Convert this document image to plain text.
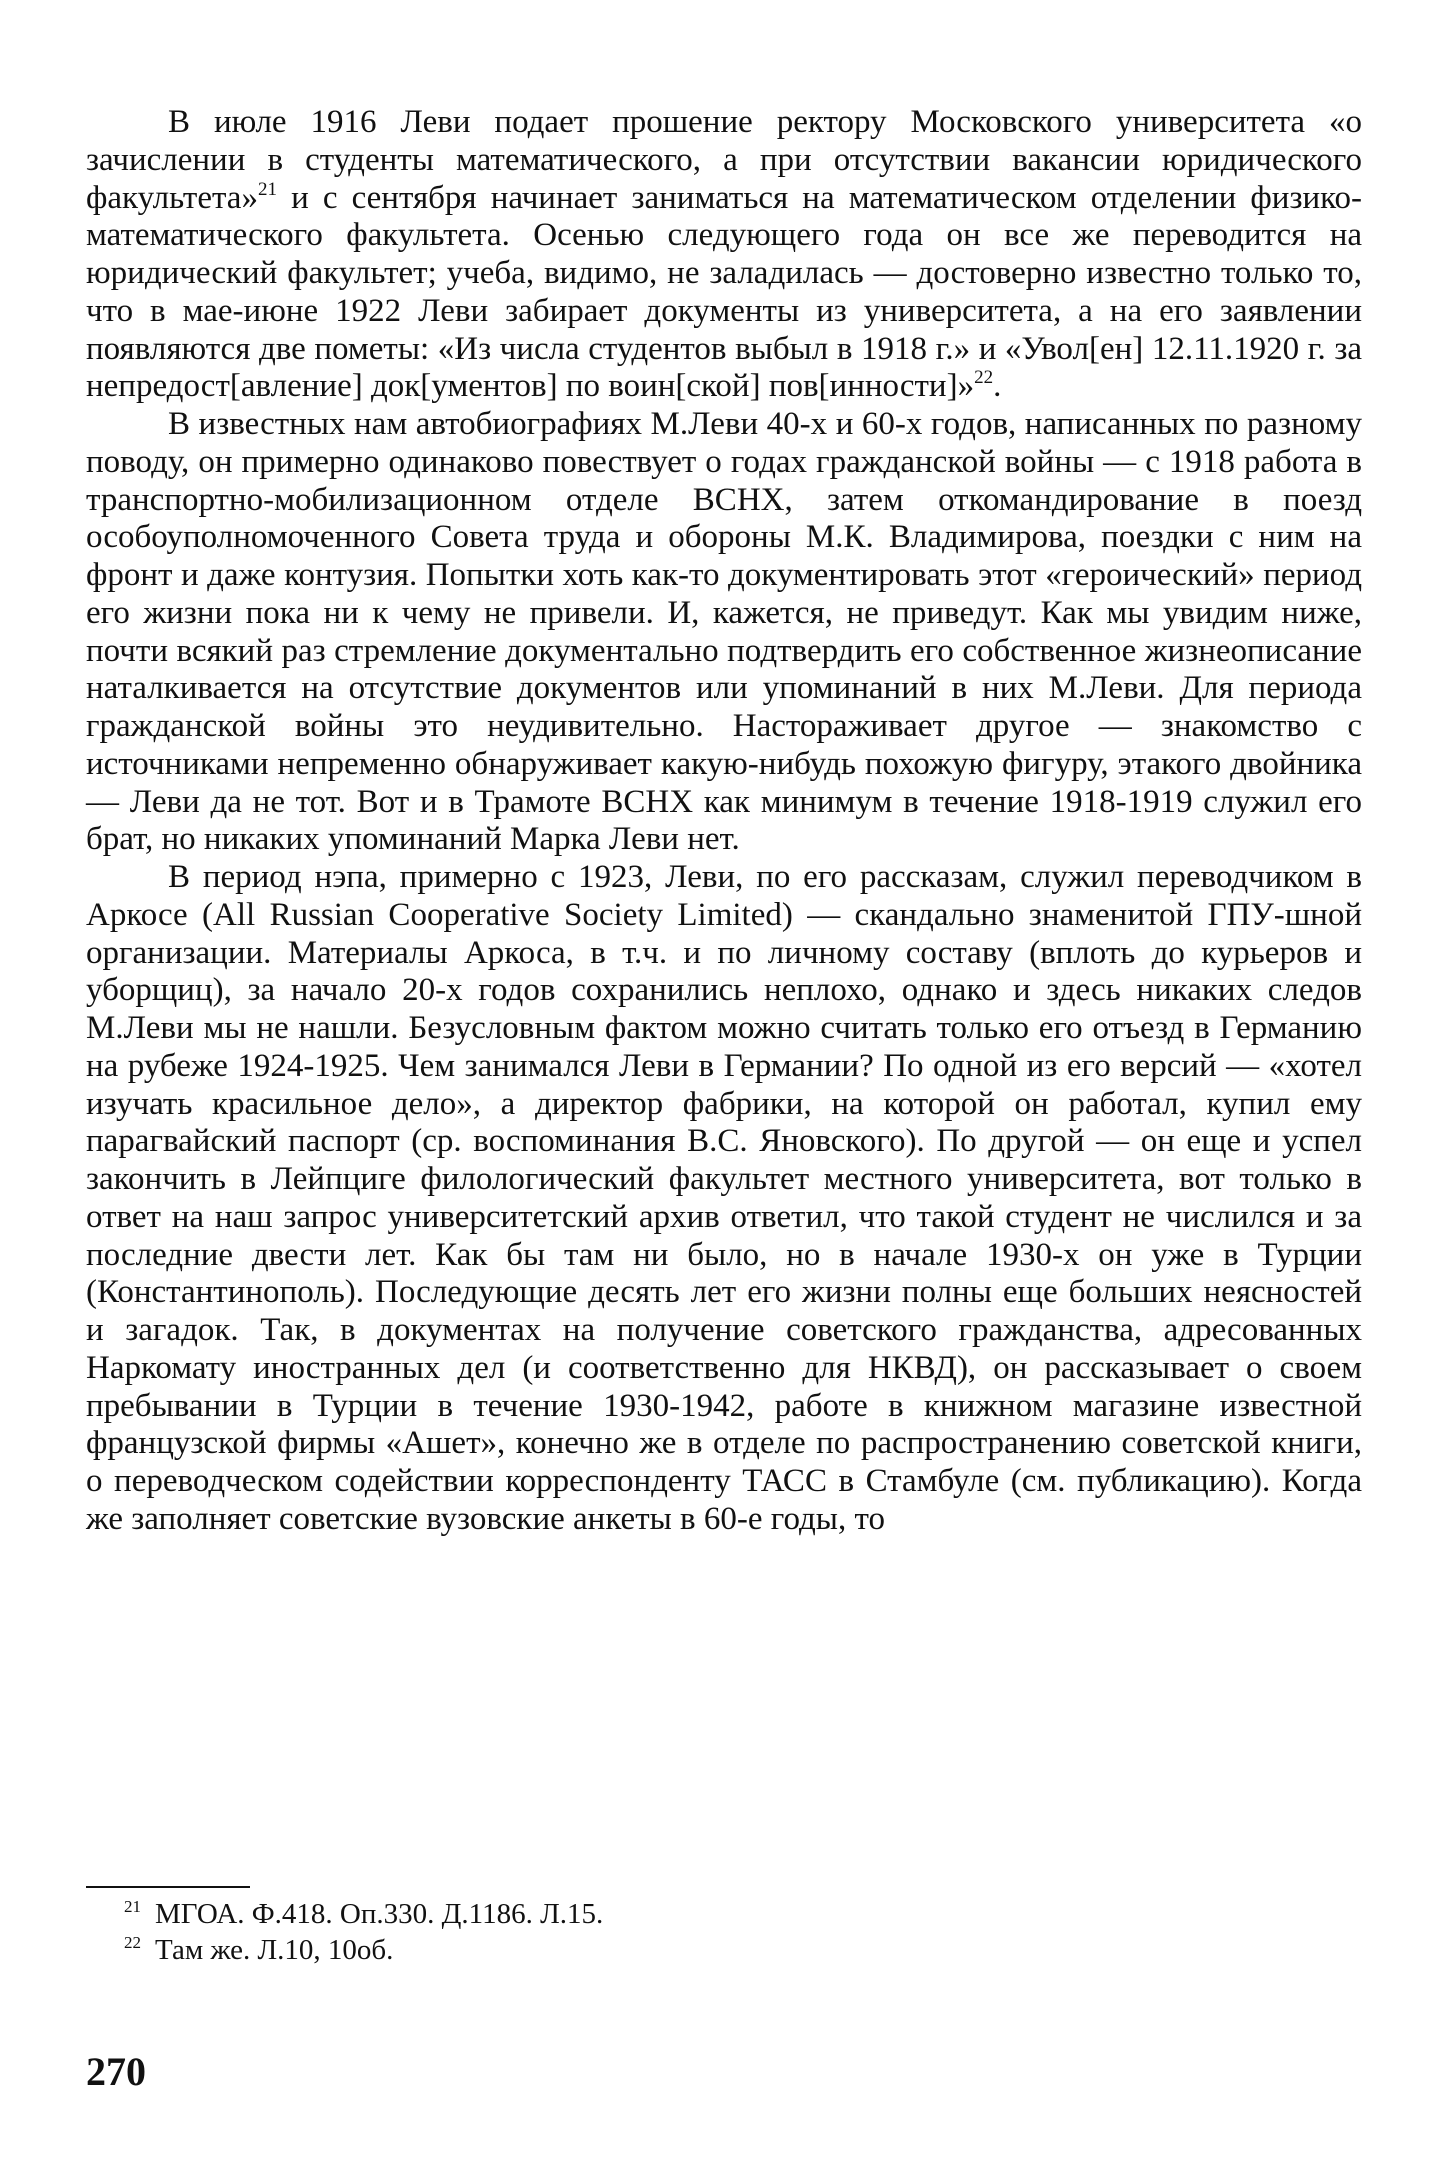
В июле 1916 Леви подает прошение ректору Московского университета «о зачислении в студенты математического, а при отсутствии вакансии юридического факультета»$^{21}$ и с сентября начинает заниматься на математическом отделении физико-математического факультета. Осенью следующего года он все же переводится на юридический факультет; учеба, видимо, не заладилась — достоверно известно только то, что в мае-июне 1922 Леви забирает документы из университета, а на его заявлении появляются две пометы: «Из числа студентов выбыл в 1918 г.» и «Увол[ен] 12.11.1920 г. за непредост[авление] док[ументов] по воин[ской] пов[инности]»$^{22}$.

В известных нам автобиографиях М.Леви 40-х и 60-х годов, написанных по разному поводу, он примерно одинаково повествует о годах гражданской войны — с 1918 работа в транспортно-мобилизационном отделе ВСНХ, затем откомандирование в поезд особоуполномоченного Совета труда и обороны М.К. Владимирова, поездки с ним на фронт и даже контузия. Попытки хоть как-то документировать этот «героический» период его жизни пока ни к чему не привели. И, кажется, не приведут. Как мы увидим ниже, почти всякий раз стремление документально подтвердить его собственное жизнеописание наталкивается на отсутствие документов или упоминаний в них М.Леви. Для периода гражданской войны это неудивительно. Настораживает другое — знакомство с источниками непременно обнаруживает какую-нибудь похожую фигуру, этакого двойника — Леви да не тот. Вот и в Трамоте ВСНХ как минимум в течение 1918-1919 служил его брат, но никаких упоминаний Марка Леви нет.

В период нэпа, примерно с 1923, Леви, по его рассказам, служил переводчиком в Аркосе (All Russian Cooperative Society Limited) — скандально знаменитой ГПУ-шной организации. Материалы Аркоса, в т.ч. и по личному составу (вплоть до курьеров и уборщиц), за начало 20-х годов сохранились неплохо, однако и здесь никаких следов М.Леви мы не нашли. Безусловным фактом можно считать только его отъезд в Германию на рубеже 1924-1925. Чем занимался Леви в Германии? По одной из его версий — «хотел изучать красильное дело», а директор фабрики, на которой он работал, купил ему парагвайский паспорт (ср. воспоминания В.С. Яновского). По другой — он еще и успел закончить в Лейпциге филологический факультет местного университета, вот только в ответ на наш запрос университетский архив ответил, что такой студент не числился и за последние двести лет. Как бы там ни было, но в начале 1930-х он уже в Турции (Константинополь). Последующие десять лет его жизни полны еще больших неясностей и загадок. Так, в документах на получение советского гражданства, адресованных Наркомату иностранных дел (и соответственно для НКВД), он рассказывает о своем пребывании в Турции в течение 1930-1942, работе в книжном магазине известной французской фирмы «Ашет», конечно же в отделе по распространению советской книги, о переводческом содействии корреспонденту ТАСС в Стамбуле (см. публикацию). Когда же заполняет советские вузовские анкеты в 60-е годы, то

$^{21}$ МГОА. Ф.418. Оп.330. Д.1186. Л.15.
$^{22}$ Там же. Л.10, 10об.
270
